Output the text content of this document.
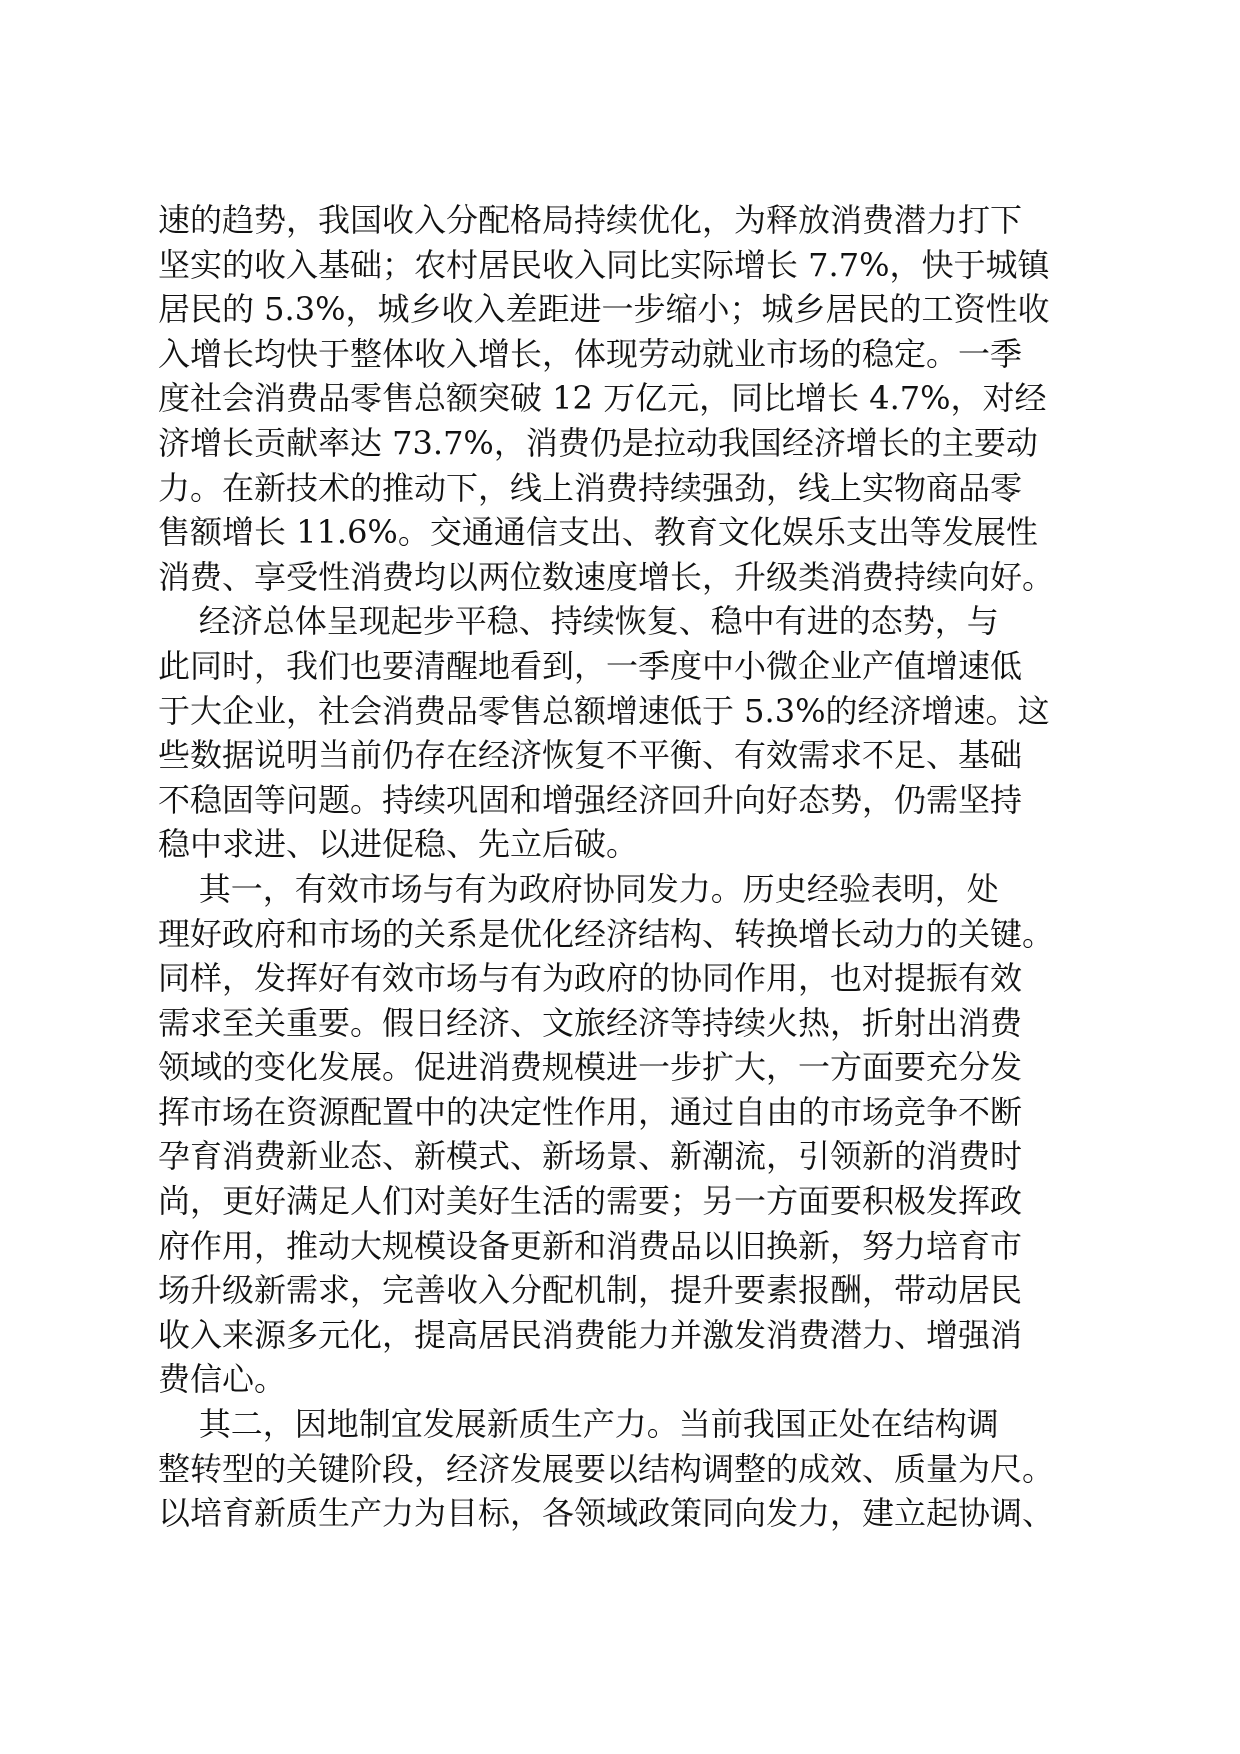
速的趋势，我国收入分配格局持续优化，为释放消费潜力打下
坚实的收入基础；农村居民收入同比实际增长 7.7%，快于城镇
居民的 5.3%，城乡收入差距进一步缩小；城乡居民的工资性收
入增长均快于整体收入增长，体现劳动就业市场的稳定。一季
度社会消费品零售总额突破 12 万亿元，同比增长 4.7%，对经
济增长贡献率达 73.7%，消费仍是拉动我国经济增长的主要动
力。在新技术的推动下，线上消费持续强劲，线上实物商品零
售额增长 11.6%。交通通信支出、教育文化娱乐支出等发展性
消费、享受性消费均以两位数速度增长，升级类消费持续向好。
经济总体呈现起步平稳、持续恢复、稳中有进的态势，与
此同时，我们也要清醒地看到，一季度中小微企业产值增速低
于大企业，社会消费品零售总额增速低于 5.3%的经济增速。这
些数据说明当前仍存在经济恢复不平衡、有效需求不足、基础
不稳固等问题。持续巩固和增强经济回升向好态势，仍需坚持
稳中求进、以进促稳、先立后破。
其一，有效市场与有为政府协同发力。历史经验表明，处
理好政府和市场的关系是优化经济结构、转换增长动力的关键。
同样，发挥好有效市场与有为政府的协同作用，也对提振有效
需求至关重要。假日经济、文旅经济等持续火热，折射出消费
领域的变化发展。促进消费规模进一步扩大，一方面要充分发
挥市场在资源配置中的决定性作用，通过自由的市场竞争不断
孕育消费新业态、新模式、新场景、新潮流，引领新的消费时
尚，更好满足人们对美好生活的需要；另一方面要积极发挥政
府作用，推动大规模设备更新和消费品以旧换新，努力培育市
场升级新需求，完善收入分配机制，提升要素报酬，带动居民
收入来源多元化，提高居民消费能力并激发消费潜力、增强消
费信心。
其二，因地制宜发展新质生产力。当前我国正处在结构调
整转型的关键阶段，经济发展要以结构调整的成效、质量为尺。
以培育新质生产力为目标，各领域政策同向发力，建立起协调、
